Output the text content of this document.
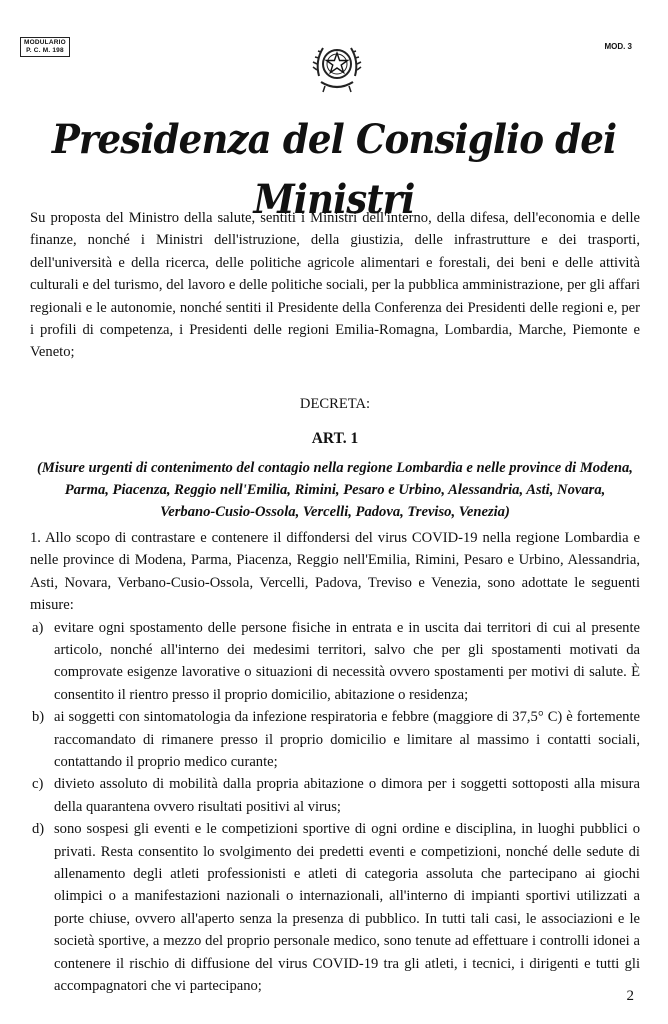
MODULARIO
P. C. M. 198	MOD. 3
Presidenza del Consiglio dei Ministri

Su proposta del Ministro della salute, sentiti i Ministri dell'interno, della difesa, dell'economia e delle finanze, nonché i Ministri dell'istruzione, della giustizia, delle infrastrutture e dei trasporti, dell'università e della ricerca, delle politiche agricole alimentari e forestali, dei beni e delle attività culturali e del turismo, del lavoro e delle politiche sociali, per la pubblica amministrazione, per gli affari regionali e le autonomie, nonché sentiti il Presidente della Conferenza dei Presidenti delle regioni e, per i profili di competenza, i Presidenti delle regioni Emilia-Romagna, Lombardia, Marche, Piemonte e Veneto;

DECRETA:

ART. 1

(Misure urgenti di contenimento del contagio nella regione Lombardia e nelle province di Modena, Parma, Piacenza, Reggio nell'Emilia, Rimini, Pesaro e Urbino, Alessandria, Asti, Novara, Verbano-Cusio-Ossola, Vercelli, Padova, Treviso, Venezia)

1. Allo scopo di contrastare e contenere il diffondersi del virus COVID-19 nella regione Lombardia e nelle province di Modena, Parma, Piacenza, Reggio nell'Emilia, Rimini, Pesaro e Urbino, Alessandria, Asti, Novara, Verbano-Cusio-Ossola, Vercelli, Padova, Treviso e Venezia, sono adottate le seguenti misure:

a) evitare ogni spostamento delle persone fisiche in entrata e in uscita dai territori di cui al presente articolo, nonché all'interno dei medesimi territori, salvo che per gli spostamenti motivati da comprovate esigenze lavorative o situazioni di necessità ovvero spostamenti per motivi di salute. È consentito il rientro presso il proprio domicilio, abitazione o residenza;
b) ai soggetti con sintomatologia da infezione respiratoria e febbre (maggiore di 37,5° C) è fortemente raccomandato di rimanere presso il proprio domicilio e limitare al massimo i contatti sociali, contattando il proprio medico curante;
c) divieto assoluto di mobilità dalla propria abitazione o dimora per i soggetti sottoposti alla misura della quarantena ovvero risultati positivi al virus;
d) sono sospesi gli eventi e le competizioni sportive di ogni ordine e disciplina, in luoghi pubblici o privati. Resta consentito lo svolgimento dei predetti eventi e competizioni, nonché delle sedute di allenamento degli atleti professionisti e atleti di categoria assoluta che partecipano ai giochi olimpici o a manifestazioni nazionali o internazionali, all'interno di impianti sportivi utilizzati a porte chiuse, ovvero all'aperto senza la presenza di pubblico. In tutti tali casi, le associazioni e le società sportive, a mezzo del proprio personale medico, sono tenute ad effettuare i controlli idonei a contenere il rischio di diffusione del virus COVID-19 tra gli atleti, i tecnici, i dirigenti e tutti gli accompagnatori che vi partecipano;
2
